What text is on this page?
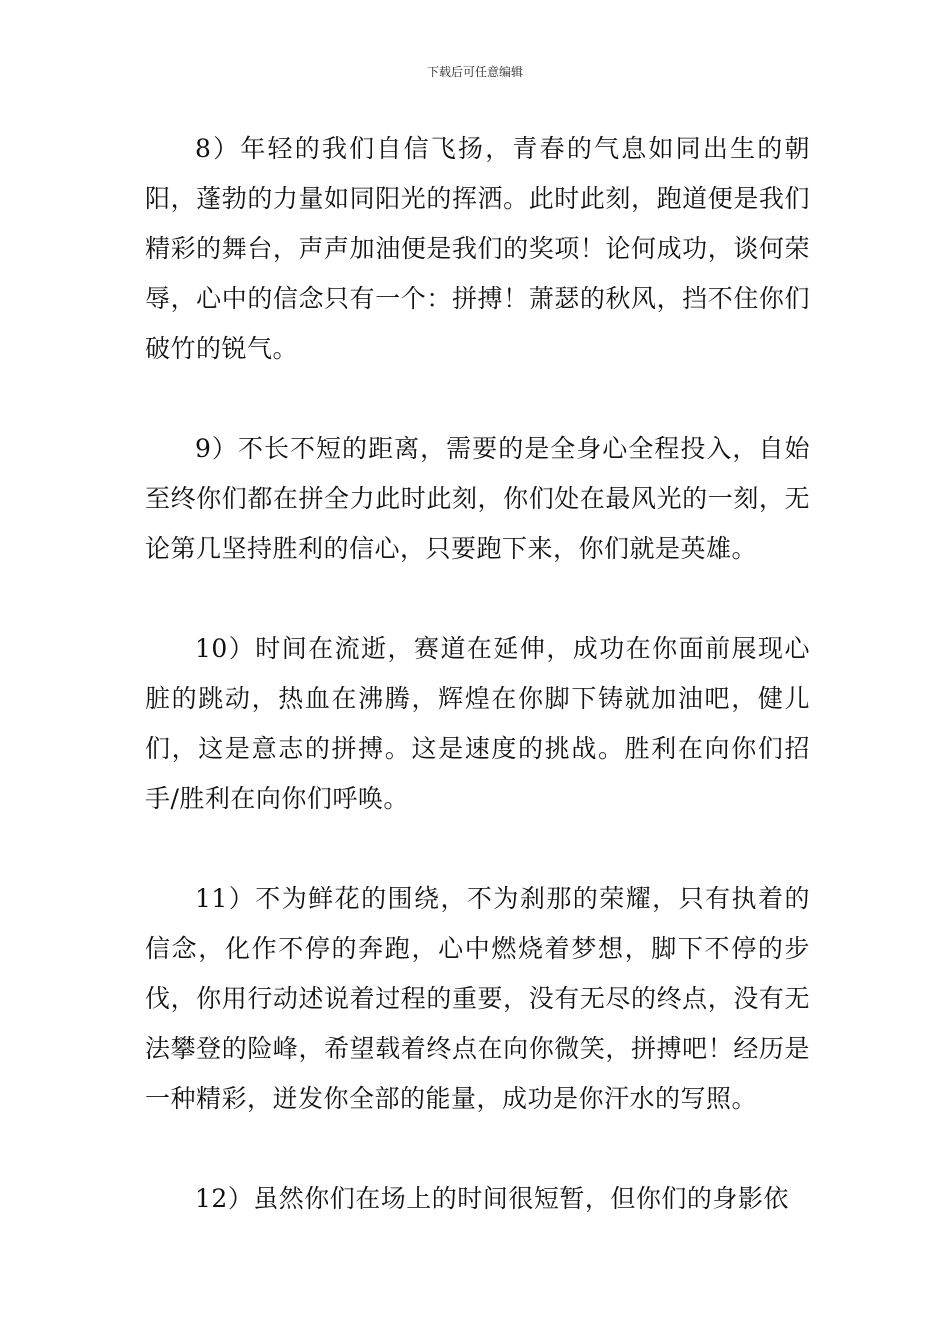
下载后可任意编辑

8）年轻的我们自信飞扬，青春的气息如同出生的朝阳，蓬勃的力量如同阳光的挥洒。此时此刻，跑道便是我们精彩的舞台，声声加油便是我们的奖项！论何成功，谈何荣辱，心中的信念只有一个：拼搏！萧瑟的秋风，挡不住你们破竹的锐气。

9）不长不短的距离，需要的是全身心全程投入，自始至终你们都在拼全力此时此刻，你们处在最风光的一刻，无论第几坚持胜利的信心，只要跑下来，你们就是英雄。

10）时间在流逝，赛道在延伸，成功在你面前展现心脏的跳动，热血在沸腾，辉煌在你脚下铸就加油吧，健儿们，这是意志的拼搏。这是速度的挑战。胜利在向你们招手/胜利在向你们呼唤。

11）不为鲜花的围绕，不为刹那的荣耀，只有执着的信念，化作不停的奔跑，心中燃烧着梦想，脚下不停的步伐，你用行动述说着过程的重要，没有无尽的终点，没有无法攀登的险峰，希望载着终点在向你微笑，拼搏吧！经历是一种精彩，迸发你全部的能量，成功是你汗水的写照。

12）虽然你们在场上的时间很短暂，但你们的身影依
